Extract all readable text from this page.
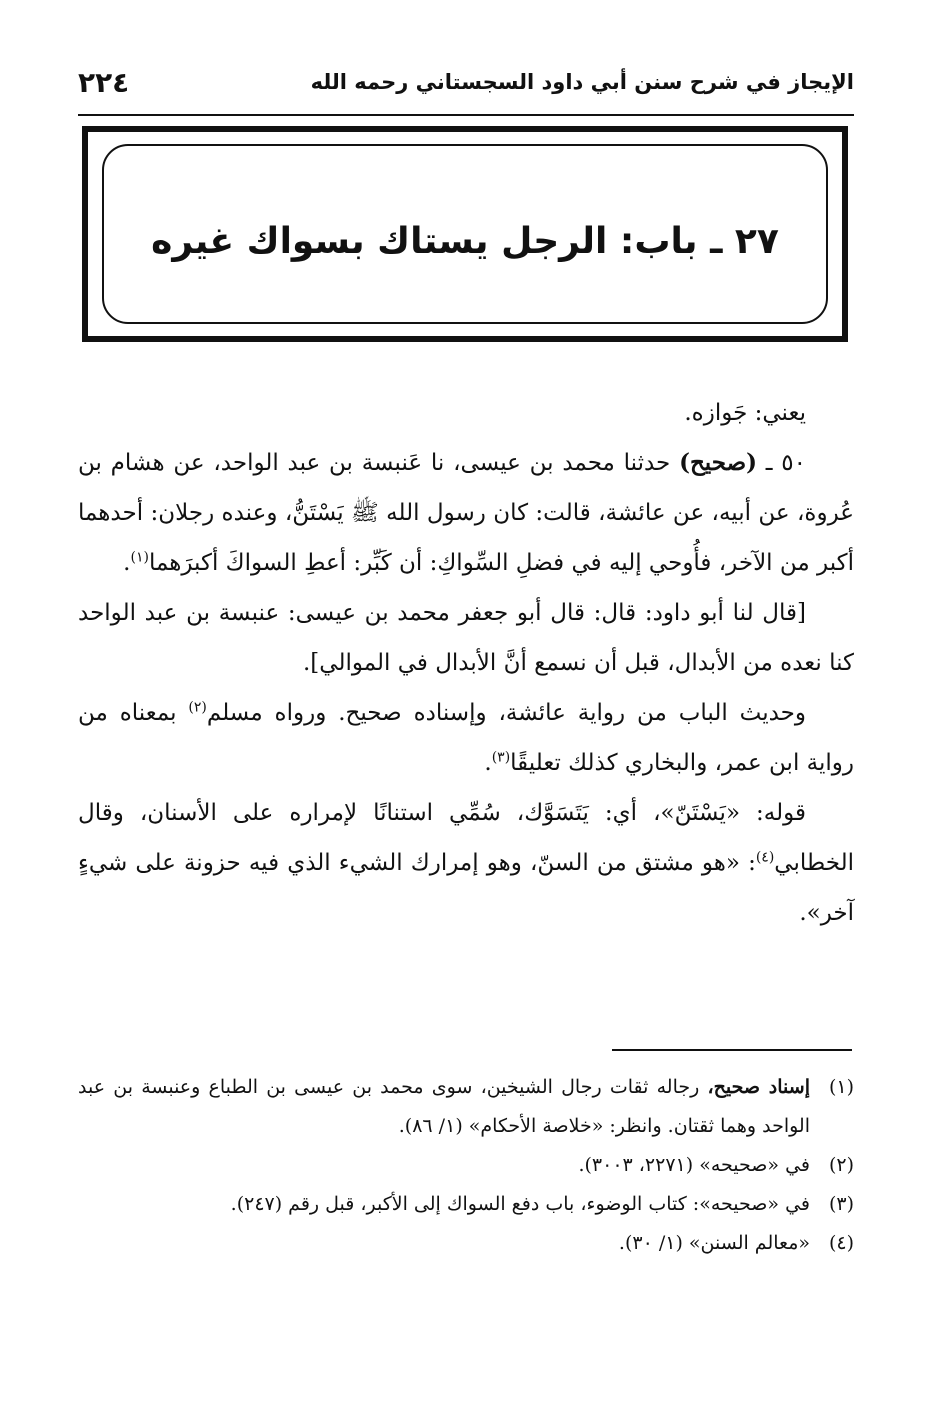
الإيجاز في شرح سنن أبي داود السجستاني رحمه الله
٢٢٤
٢٧ ـ باب: الرجل يستاك بسواك غيره

يعني: جَوازه.

٥٠ ـ (صحيح) حدثنا محمد بن عيسى، نا عَنبسة بن عبد الواحد، عن هشام بن عُروة، عن أبيه، عن عائشة، قالت: كان رسول الله ﷺ يَسْتَنُّ، وعنده رجلان: أحدهما أكبر من الآخر، فأُوحي إليه في فضلِ السِّواكِ: أن كَبِّر: أعطِ السواكَ أكبرَهما$^{(١)}$.

[قال لنا أبو داود: قال: قال أبو جعفر محمد بن عيسى: عنبسة بن عبد الواحد كنا نعده من الأبدال، قبل أن نسمع أنَّ الأبدال في الموالي].

وحديث الباب من رواية عائشة، وإسناده صحيح. ورواه مسلم$^{(٢)}$ بمعناه من رواية ابن عمر، والبخاري كذلك تعليقًا$^{(٣)}$.

قوله: «يَسْتَنّ»، أي: يَتَسَوَّك، سُمِّي استنانًا لإمراره على الأسنان، وقال الخطابي$^{(٤)}$: «هو مشتق من السنّ، وهو إمرارك الشيء الذي فيه حزونة على شيءٍ آخر».

(١)
إسناد صحيح، رجاله ثقات رجال الشيخين، سوى محمد بن عيسى بن الطباع وعنبسة بن عبد الواحد وهما ثقتان. وانظر: «خلاصة الأحكام» (١/ ٨٦).
(٢)
في «صحيحه» (٢٢٧١، ٣٠٠٣).
(٣)
في «صحيحه»: كتاب الوضوء، باب دفع السواك إلى الأكبر، قبل رقم (٢٤٧).
(٤)
«معالم السنن» (١/ ٣٠).
